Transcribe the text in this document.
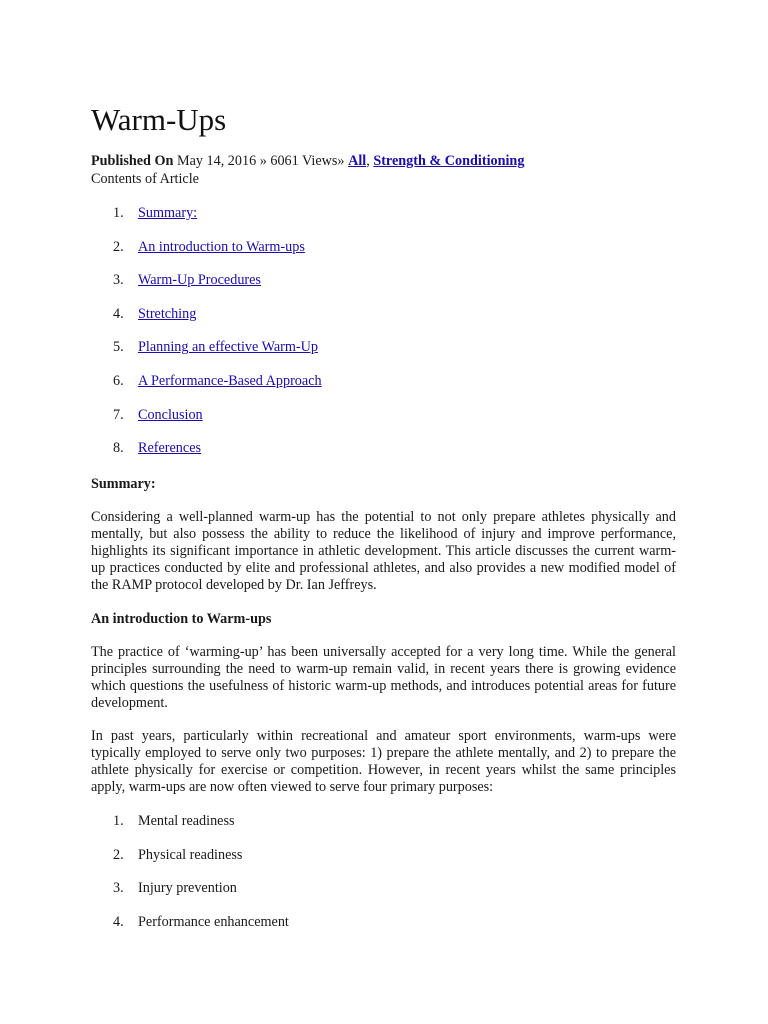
Warm-Ups
Published On May 14, 2016 » 6061 Views» All, Strength & Conditioning
Contents of Article
1. Summary:
2. An introduction to Warm-ups
3. Warm-Up Procedures
4. Stretching
5. Planning an effective Warm-Up
6. A Performance-Based Approach
7. Conclusion
8. References
Summary:

Considering a well-planned warm-up has the potential to not only prepare athletes physically and mentally, but also possess the ability to reduce the likelihood of injury and improve performance, highlights its significant importance in athletic development. This article discusses the current warm-up practices conducted by elite and professional athletes, and also provides a new modified model of the RAMP protocol developed by Dr. Ian Jeffreys.

An introduction to Warm-ups

The practice of ‘warming-up’ has been universally accepted for a very long time. While the general principles surrounding the need to warm-up remain valid, in recent years there is growing evidence which questions the usefulness of historic warm-up methods, and introduces potential areas for future development.

In past years, particularly within recreational and amateur sport environments, warm-ups were typically employed to serve only two purposes: 1) prepare the athlete mentally, and 2) to prepare the athlete physically for exercise or competition. However, in recent years whilst the same principles apply, warm-ups are now often viewed to serve four primary purposes:

1. Mental readiness
2. Physical readiness
3. Injury prevention
4. Performance enhancement
